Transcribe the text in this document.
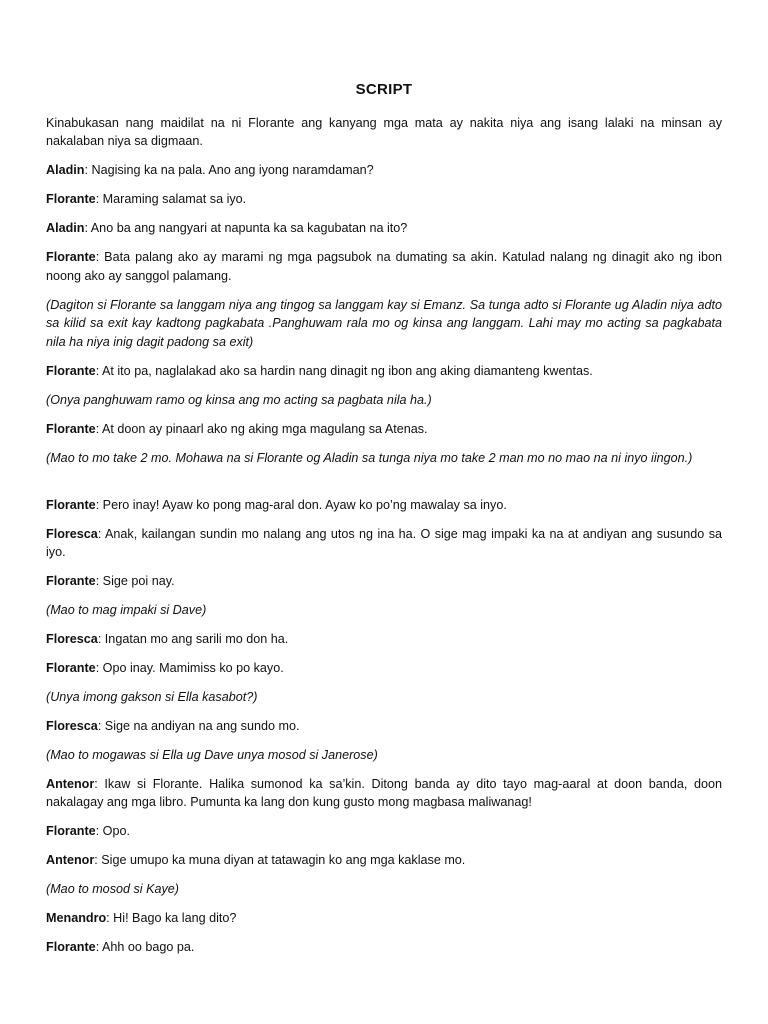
SCRIPT

Kinabukasan nang maidilat na ni Florante ang kanyang mga mata ay nakita niya ang isang lalaki na minsan ay nakalaban niya sa digmaan.

Aladin: Nagising ka na pala. Ano ang iyong naramdaman?

Florante: Maraming salamat sa iyo.

Aladin: Ano ba ang nangyari at napunta ka sa kagubatan na ito?

Florante: Bata palang ako ay marami ng mga pagsubok na dumating sa akin. Katulad nalang ng dinagit ako ng ibon noong ako ay sanggol palamang.

(Dagiton si Florante sa langgam niya ang tingog sa langgam kay si Emanz. Sa tunga adto si Florante ug Aladin niya adto sa kilid sa exit kay kadtong pagkabata .Panghuwam rala mo og kinsa ang langgam. Lahi may mo acting sa pagkabata nila ha niya inig dagit padong sa exit)

Florante: At ito pa, naglalakad ako sa hardin nang dinagit ng ibon ang aking diamanteng kwentas.

(Onya panghuwam ramo og kinsa ang mo acting sa pagbata nila ha.)

Florante: At doon ay pinaarl ako ng aking mga magulang sa Atenas.

(Mao to mo take 2 mo. Mohawa na si Florante og Aladin sa tunga niya mo take 2 man mo no mao na ni inyo iingon.)

Florante: Pero inay! Ayaw ko pong mag-aral don. Ayaw ko po’ng mawalay sa inyo.

Floresca: Anak, kailangan sundin mo nalang ang utos ng ina ha. O sige mag impaki ka na at andiyan ang susundo sa iyo.

Florante: Sige poi nay.

(Mao to mag impaki si Dave)

Floresca: Ingatan mo ang sarili mo don ha.

Florante: Opo inay. Mamimiss ko po kayo.

(Unya imong gakson si Ella kasabot?)

Floresca: Sige na andiyan na ang sundo mo.

(Mao to mogawas si Ella ug Dave unya mosod si Janerose)

Antenor: Ikaw si Florante. Halika sumonod ka sa’kin. Ditong banda ay dito tayo mag-aaral at doon banda, doon nakalagay ang mga libro. Pumunta ka lang don kung gusto mong magbasa maliwanag!

Florante: Opo.

Antenor: Sige umupo ka muna diyan at tatawagin ko ang mga kaklase mo.

(Mao to mosod si Kaye)

Menandro: Hi! Bago ka lang dito?

Florante: Ahh oo bago pa.
